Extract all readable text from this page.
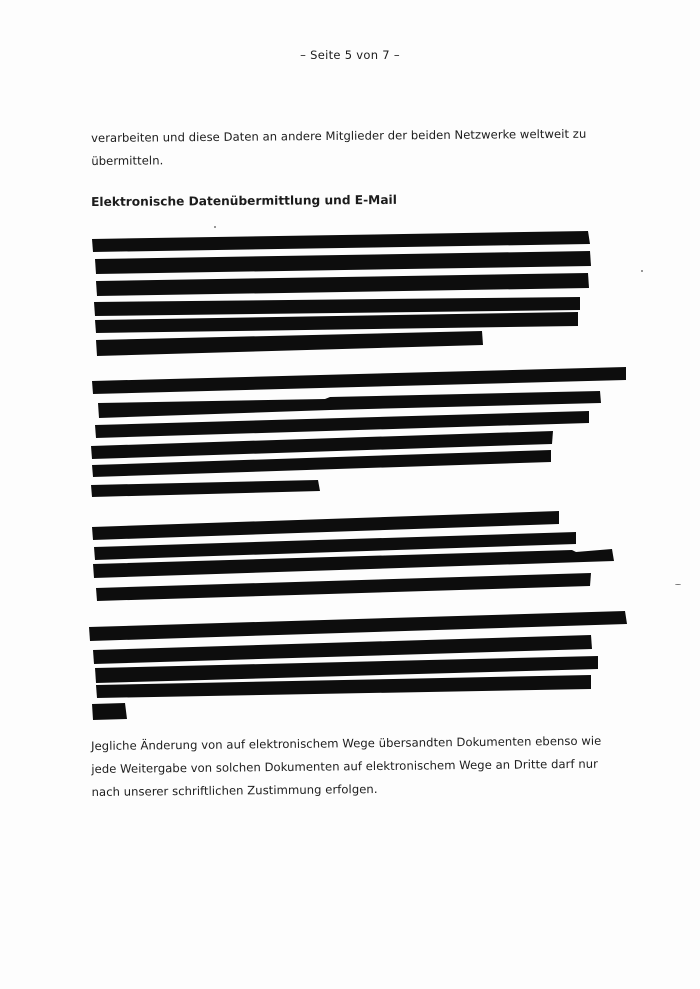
– Seite 5 von 7 –
verarbeiten und diese Daten an andere Mitglieder der beiden Netzwerke weltweit zu
übermitteln.
Elektronische Datenübermittlung und E-Mail
Jegliche Änderung von auf elektronischem Wege übersandten Dokumenten ebenso wie
jede Weitergabe von solchen Dokumenten auf elektronischem Wege an Dritte darf nur
nach unserer schriftlichen Zustimmung erfolgen.
